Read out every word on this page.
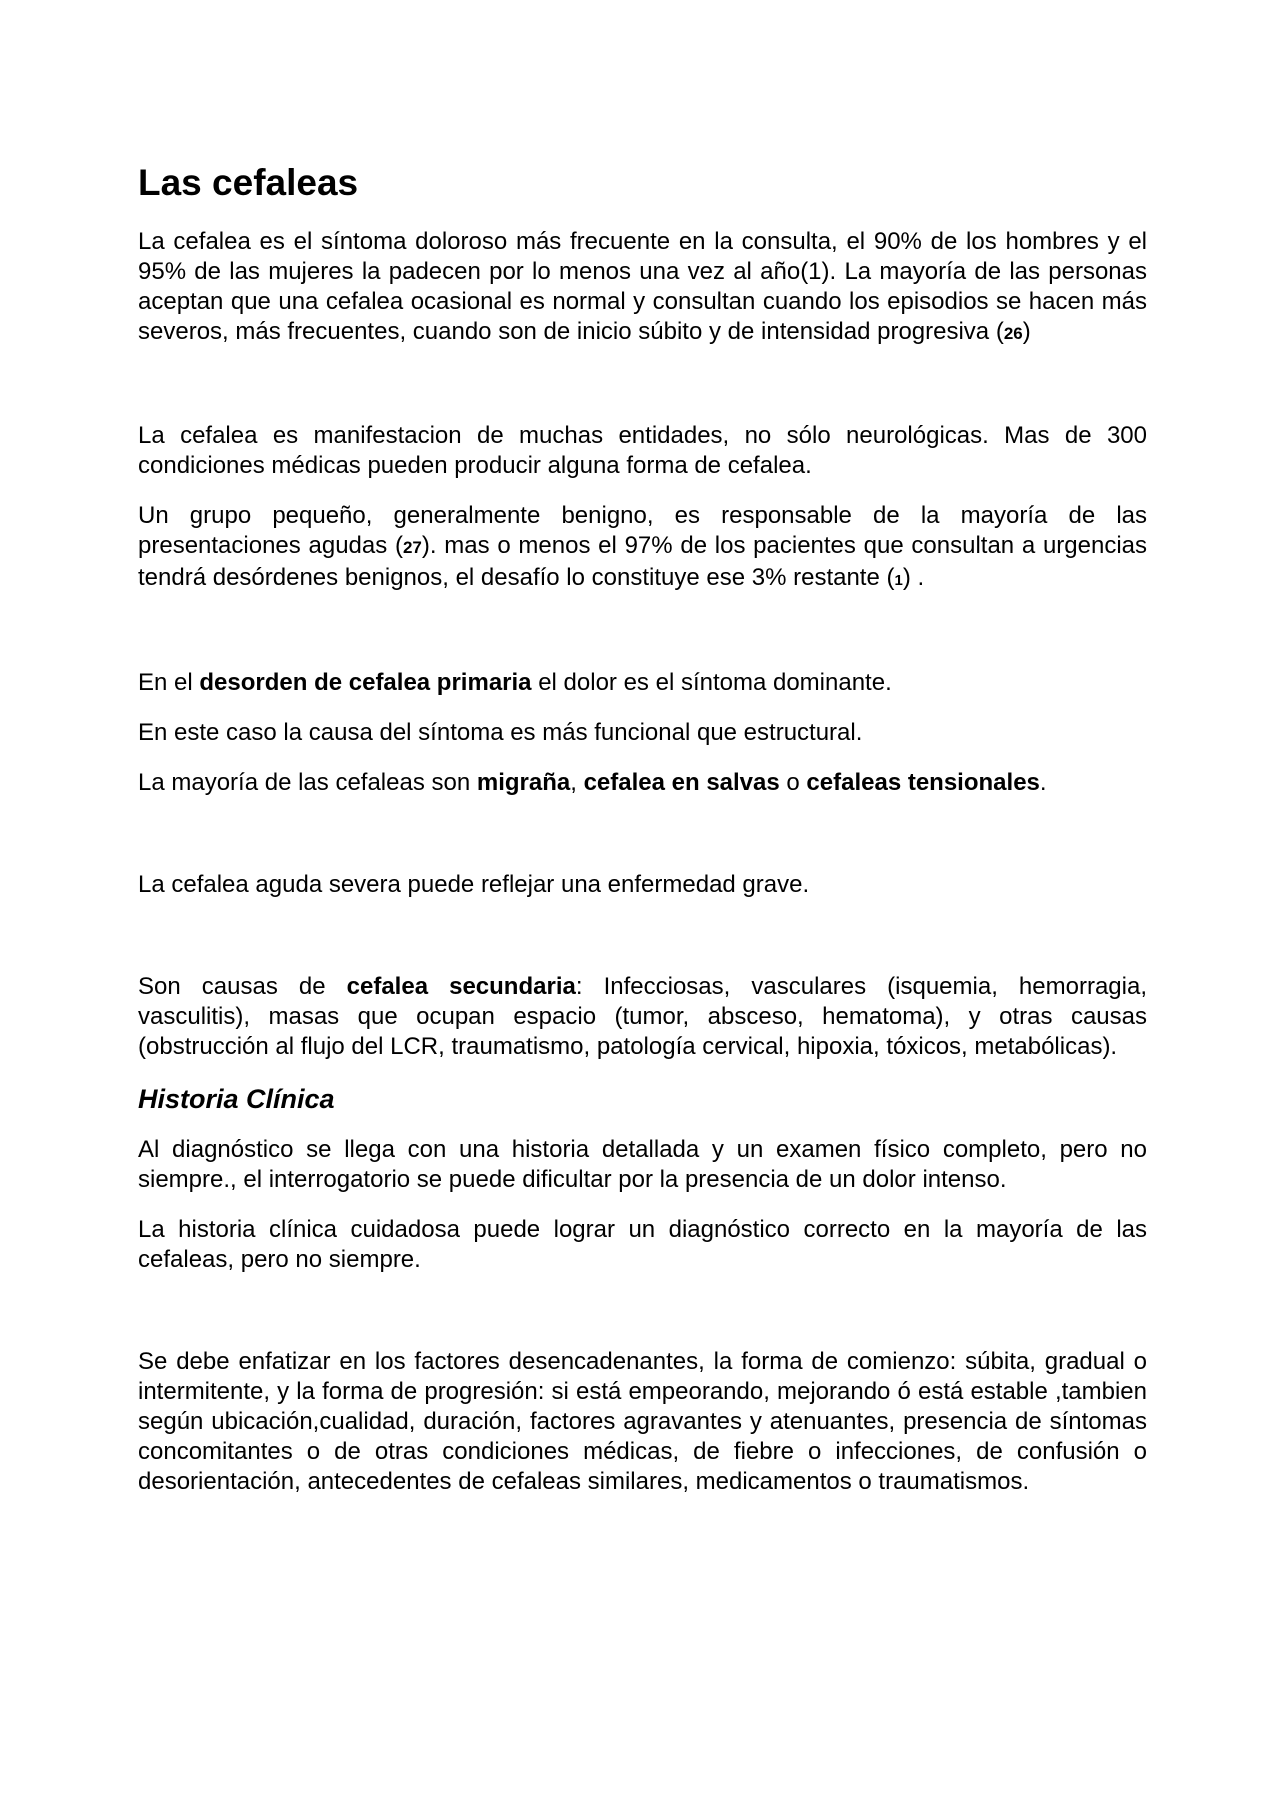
Las cefaleas

La cefalea es el síntoma doloroso más frecuente en la consulta, el 90% de los hombres y el 95% de las mujeres la padecen por lo menos una vez al año(1). La mayoría de las personas aceptan que una cefalea ocasional es normal y consultan cuando los episodios se hacen más severos, más frecuentes, cuando son de inicio súbito y de intensidad progresiva (26)

La cefalea es manifestacion de muchas entidades, no sólo neurológicas. Mas de 300 condiciones médicas pueden producir alguna forma de cefalea.

Un grupo pequeño, generalmente benigno, es responsable de la mayoría de las presentaciones agudas (27). mas o menos el 97% de los pacientes que consultan a urgencias tendrá desórdenes benignos, el desafío lo constituye ese 3% restante (1) .

En el desorden de cefalea primaria el dolor es el síntoma dominante.

En este caso la causa del síntoma es más funcional que estructural.

La mayoría de las cefaleas son migraña, cefalea en salvas o cefaleas tensionales.

La cefalea aguda severa puede reflejar una enfermedad grave.

Son causas de cefalea secundaria: Infecciosas, vasculares (isquemia, hemorragia, vasculitis), masas que ocupan espacio (tumor, absceso, hematoma), y otras causas (obstrucción al flujo del LCR, traumatismo, patología cervical, hipoxia, tóxicos, metabólicas).

Historia Clínica

Al diagnóstico se llega con una historia detallada y un examen físico completo, pero no siempre., el interrogatorio se puede dificultar por la presencia de un dolor intenso.

La historia clínica cuidadosa puede lograr un diagnóstico correcto en la mayoría de las cefaleas, pero no siempre.

Se debe enfatizar en los factores desencadenantes, la forma de comienzo: súbita, gradual o intermitente, y la forma de progresión: si está empeorando, mejorando ó está estable ,tambien según ubicación,cualidad, duración, factores agravantes y atenuantes, presencia de síntomas concomitantes o de otras condiciones médicas, de fiebre o infecciones, de confusión o desorientación, antecedentes de cefaleas similares, medicamentos o traumatismos.
